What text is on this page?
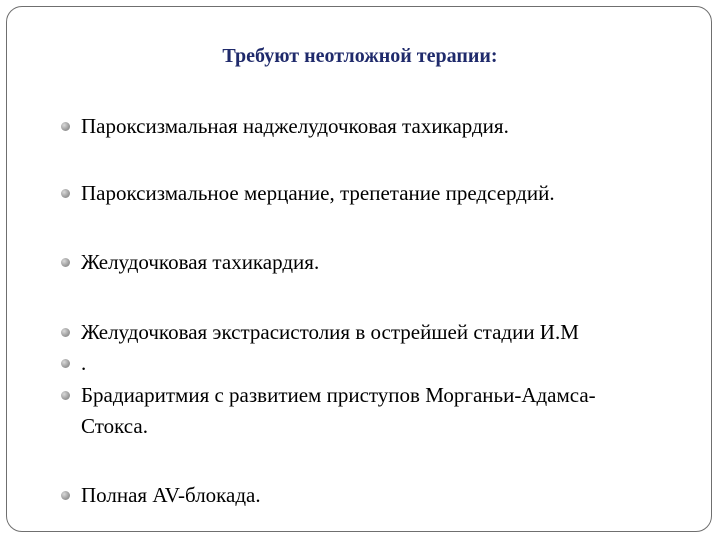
Требуют неотложной терапии:
Пароксизмальная наджелудочковая тахикардия.
Пароксизмальное мерцание, трепетание предсердий.
Желудочковая тахикардия.
Желудочковая экстрасистолия в острейшей стадии И.М
.
Брадиаритмия с развитием приступов Морганьи-Адамса-Стокса.
Полная AV-блокада.
